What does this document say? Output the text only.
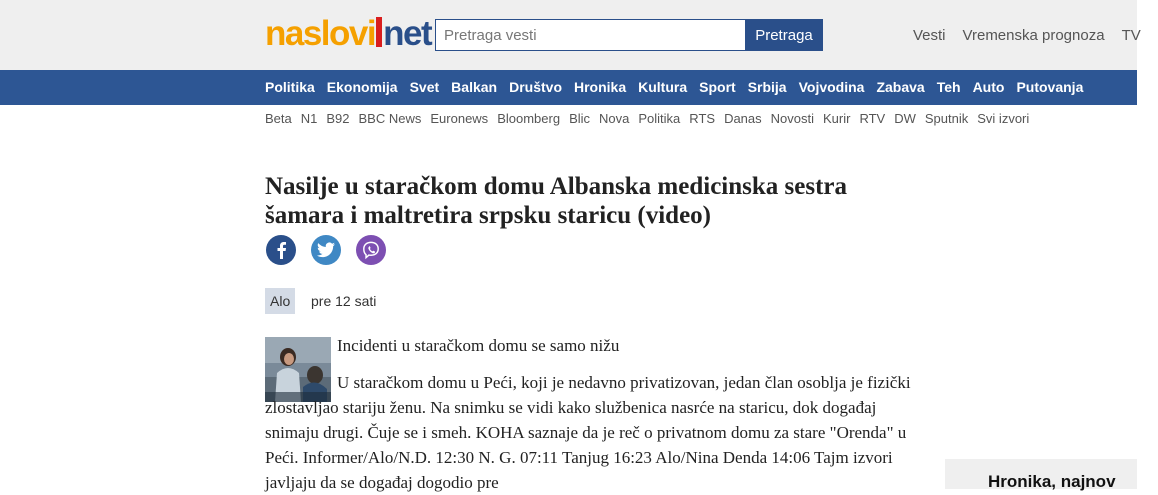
naslovi net
Pretraga vesti	Pretraga	Vesti Vremenska prognoza TV
Politika Ekonomija Svet Balkan Društvo Hronika Kultura Sport Srbija Vojvodina Zabava Teh Auto Putovanja
Beta N1 B92 BBC News Euronews Bloomberg Blic Nova Politika RTS Danas Novosti Kurir RTV DW Sputnik Svi izvori
Nasilje u staračkom domu Albanska medicinska sestra šamara i maltretira srpsku staricu (video)
Alo	pre 12 sati
Incidenti u staračkom domu se samo nižu

U staračkom domu u Peći, koji je nedavno privatizovan, jedan član osoblja je fizički zlostavljao stariju ženu. Na snimku se vidi kako službenica nasrće na staricu, dok događaj snimaju drugi. Čuje se i smeh. KOHA saznaje da je reč o privatnom domu za stare "Orenda" u Peći. Informer/Alo/N.D. 12:30 N. G. 07:11 Tanjug 16:23 Alo/Nina Denda 14:06 Tajm izvori javljaju da se događaj dogodio pre	Hronika, najnov
